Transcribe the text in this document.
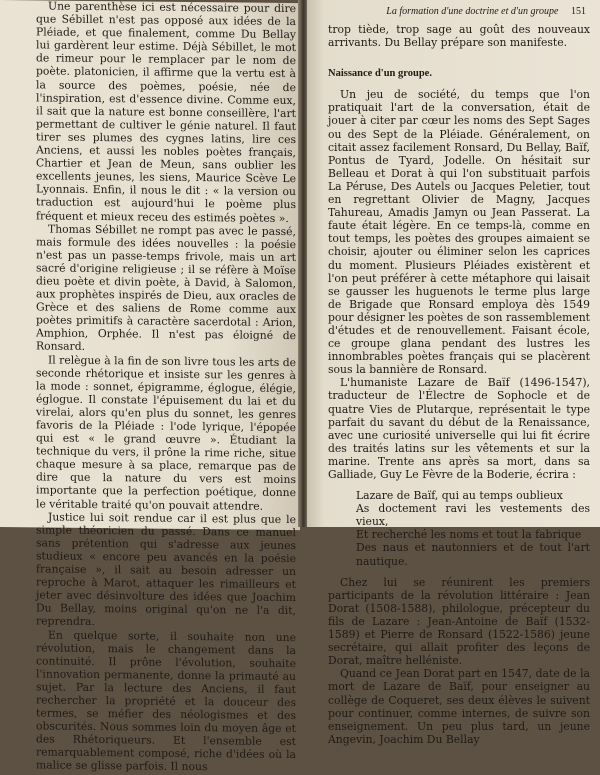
Une parenthèse ici est nécessaire pour dire que Sébillet n'est pas opposé aux idées de la Pléiade, et que finalement, comme Du Bellay lui gardèrent leur estime. Déjà Sébillet, le mot de rimeur pour le remplacer par le nom de poète. platonicien, il affirme que la vertu est à la source des poèmes, poésie, née de l'inspiration, est d'essence divine. Comme eux, il sait que la nature est bonne conseillère, l'art permettant de cultiver le génie naturel. Il faut tirer ses plumes des cygnes latins, lire ces Anciens, et aussi les nobles poètes français, Chartier et Jean de Meun, sans oublier les excellents jeunes, les siens, Maurice Scève Le Lyonnais. Enfin, il nous le dit : « la version ou traduction est aujourd'hui le poème plus fréquent et mieux receu des estimés poètes ».

Thomas Sébillet ne rompt pas avec le passé, mais formule des idées nouvelles : la poésie n'est pas un passe-temps frivole, mais un art sacré d'origine religieuse ; il se réfère à Moïse dieu poète et divin poète, à David, à Salomon, aux prophètes inspirés de Dieu, aux oracles de Grèce et des saliens de Rome comme aux poètes primitifs à caractère sacerdotal : Arion, Amphion, Orphée. Il n'est pas éloigné de Ronsard.

Il relègue à la fin de son livre tous les arts de seconde rhétorique et insiste sur les genres à la mode : sonnet, épigramme, églogue, élégie, églogue. Il constate l'épuisement du lai et du virelai, alors qu'en plus du sonnet, les genres favoris de la Pléiade : l'ode lyrique, l'épopée qui est « le grand œuvre ». Étudiant la technique du vers, il prône la rime riche, situe chaque mesure à sa place, remarque pas de dire que la nature du vers est moins importante que la perfection poétique, donne le véritable traité qu'on pouvait attendre.

Justice lui soit rendue car il est plus que le simple théoricien du passé. Dans ce manuel sans prétention qui s'adresse aux jeunes studieux « encore peu avancés en la poésie française », il sait au besoin adresser un reproche à Marot, attaquer les rimailleurs et jeter avec désinvolture des idées que Joachim Du Bellay, moins original qu'on ne l'a dit, reprendra.

En quelque sorte, il souhaite non une révolution, mais le changement dans la continuité. Il prône l'évolution, souhaite l'innovation permanente, donne la primauté au sujet. Par la lecture des Anciens, il faut rechercher la propriété et la douceur des termes, se méfier des néologismes et des obscurités. Nous sommes loin du moyen âge et des Rhétoriqueurs. Et l'ensemble est remarquablement composé, riche d'idées où la malice se glisse parfois. Il nous

La formation d'une doctrine et d'un groupe 151

trop tiède, trop sage au goût des nouveaux arrivants. Du Bellay prépare son manifeste.

Naissance d'un groupe.

Un jeu de société, du temps que l'on pratiquait l'art de la conversation, était de jouer à citer par cœur les noms des Sept Sages ou des Sept de la Pléiade. Généralement, on citait assez facilement Ronsard, Du Bellay, Baïf, Pontus de Tyard, Jodelle. On hésitait sur Belleau et Dorat à qui l'on substituait parfois La Péruse, Des Autels ou Jacques Peletier, tout en regrettant Olivier de Magny, Jacques Tahureau, Amadis Jamyn ou Jean Passerat. La faute était légère. En ce temps-là, comme en tout temps, les poètes des groupes aimaient se choisir, ajouter ou éliminer selon les caprices du moment. Plusieurs Pléiades existèrent et l'on peut préférer à cette métaphore qui laisait se gausser les huguenots le terme plus large de Brigade que Ronsard employa dès 1549 pour désigner les poètes de son rassemblement d'études et de renouvellement. Faisant école, ce groupe glana pendant des lustres les innombrables poètes français qui se placèrent sous la bannière de Ronsard.

L'humaniste Lazare de Baïf (1496-1547), traducteur de l'Électre de Sophocle et de quatre Vies de Plutarque, représentait le type parfait du savant du début de la Renaissance, avec une curiosité universelle qui lui fit écrire des traités latins sur les vêtements et sur la marine. Trente ans après sa mort, dans sa Galliade, Guy Le Fèvre de la Boderie, écrira :

Lazare de Baïf, qui au temps oublieux
As doctement ravi les vestements des vieux,
Et recherché les noms et tout la fabrique
Des naus et nautonniers et de tout l'art nautique.

Chez lui se réunirent les premiers participants de la révolution littéraire : Jean Dorat (1508-1588), philologue, précepteur du fils de Lazare : Jean-Antoine de Baïf (1532-1589) et Pierre de Ronsard (1522-1586) jeune secrétaire, qui allait profiter des leçons de Dorat, maître helléniste.

Quand ce Jean Dorat part en 1547, date de la mort de Lazare de Baïf, pour enseigner au collège de Coqueret, ses deux élèves le suivent pour continuer, comme internes, de suivre son enseignement. Un peu plus tard, un jeune Angevin, Joachim Du Bellay
